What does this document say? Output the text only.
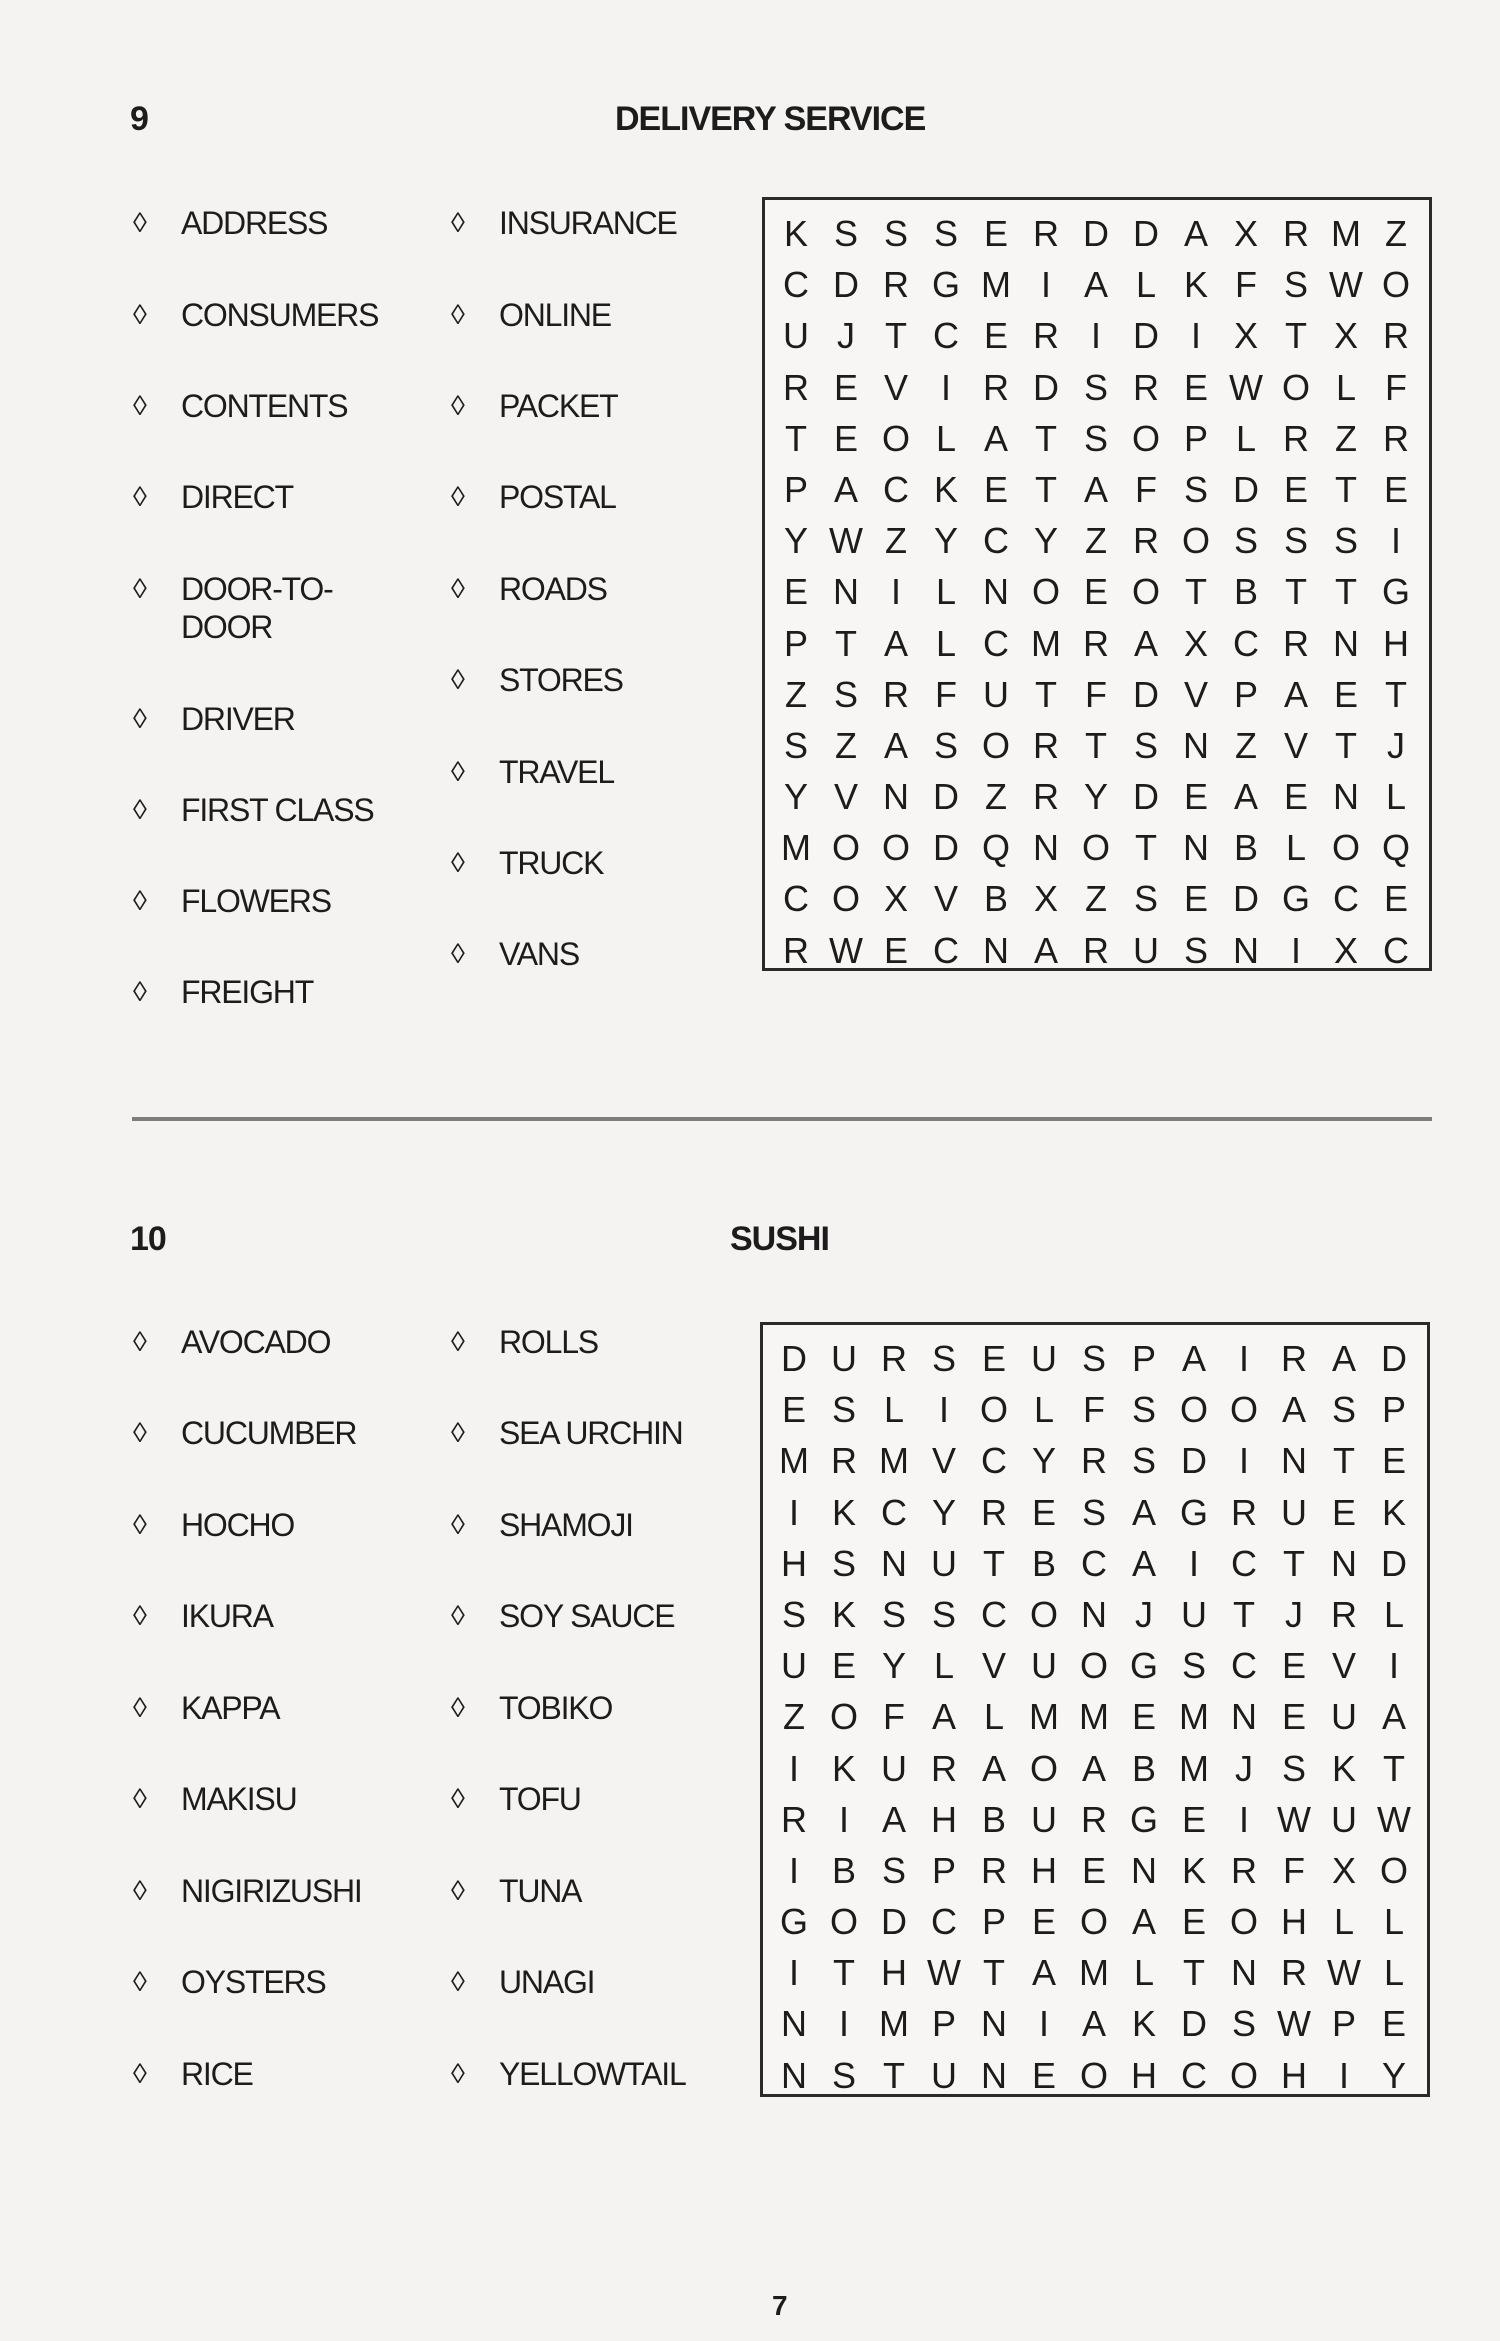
9	DELIVERY SERVICE
◊ ADDRESS
◊ CONSUMERS
◊ CONTENTS
◊ DIRECT
◊ DOOR-TO-
DOOR
◊ DRIVER
◊ FIRST CLASS
◊ FLOWERS
◊ FREIGHT
◊ INSURANCE
◊ ONLINE
◊ PACKET
◊ POSTAL
◊ ROADS
◊ STORES
◊ TRAVEL
◊ TRUCK
◊ VANS
K S S S E R D D A X R M Z
C D R G M I A L K F S W O
U J T C E R I D I X T X R
R E V I R D S R E W O L F
T E O L A T S O P L R Z R
P A C K E T A F S D E T E
Y W Z Y C Y Z R O S S S I
E N I L N O E O T B T T G
P T A L C M R A X C R N H
Z S R F U T F D V P A E T
S Z A S O R T S N Z V T J
Y V N D Z R Y D E A E N L
M O O D Q N O T N B L O Q
C O X V B X Z S E D G C E
R W E C N A R U S N I X C
10	SUSHI
◊ AVOCADO
◊ CUCUMBER
◊ HOCHO
◊ IKURA
◊ KAPPA
◊ MAKISU
◊ NIGIRIZUSHI
◊ OYSTERS
◊ RICE
◊ ROLLS
◊ SEA URCHIN
◊ SHAMOJI
◊ SOY SAUCE
◊ TOBIKO
◊ TOFU
◊ TUNA
◊ UNAGI
◊ YELLOWTAIL
D U R S E U S P A I R A D
E S L I O L F S O O A S P
M R M V C Y R S D I N T E
I K C Y R E S A G R U E K
H S N U T B C A I C T N D
S K S S C O N J U T J R L
U E Y L V U O G S C E V I
Z O F A L M M E M N E U A
I K U R A O A B M J S K T
R I A H B U R G E I W U W
I B S P R H E N K R F X O
G O D C P E O A E O H L L
I T H W T A M L T N R W L
N I M P N I A K D S W P E
N S T U N E O H C O H I Y
7
